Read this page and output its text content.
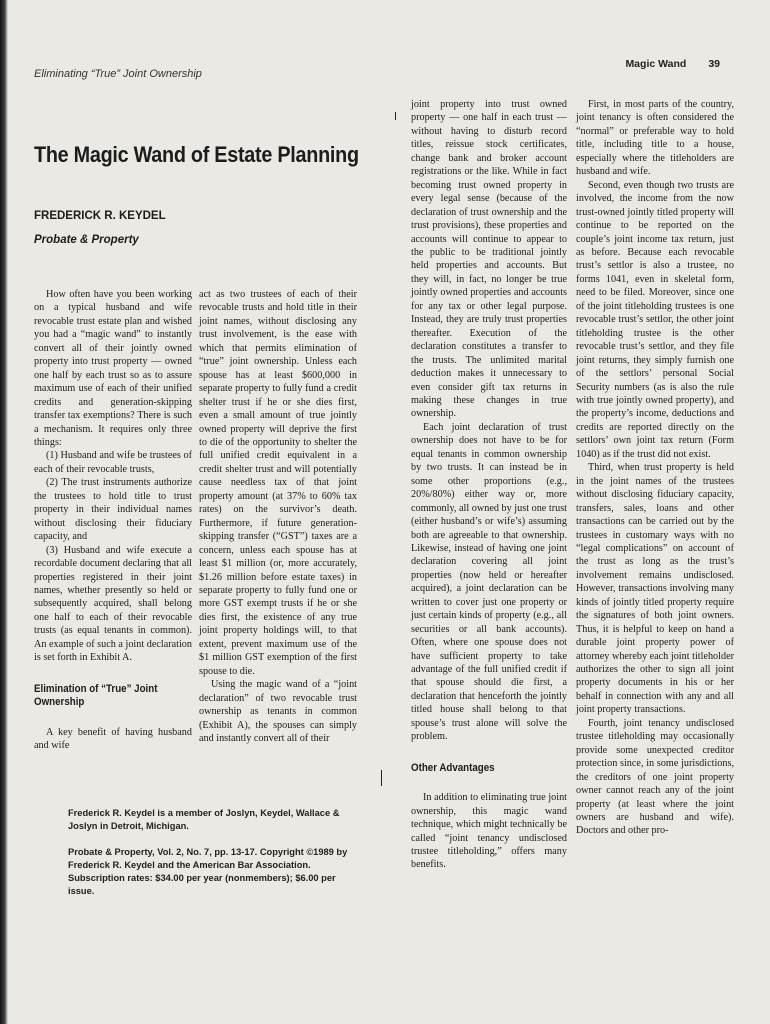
Eliminating “True” Joint Ownership
Magic Wand 39
The Magic Wand of Estate Planning
FREDERICK R. KEYDEL
Probate & Property

How often have you been working on a typical husband and wife revocable trust estate plan and wished you had a “magic wand” to instantly convert all of their jointly owned property into trust property — owned one half by each trust so as to assure maximum use of each of their unified credits and generation-skipping transfer tax exemptions? There is such a mechanism. It requires only three things:

(1) Husband and wife be trustees of each of their revocable trusts,

(2) The trust instruments authorize the trustees to hold title to trust property in their individual names without disclosing their fiduciary capacity, and

(3) Husband and wife execute a recordable document declaring that all properties registered in their joint names, whether presently so held or subsequently acquired, shall belong one half to each of their revocable trusts (as equal tenants in common). An example of such a joint declaration is set forth in Exhibit A.

Elimination of “True” Joint Ownership

A key benefit of having husband and wife

act as two trustees of each of their revocable trusts and hold title in their joint names, without disclosing any trust involvement, is the ease with which that permits elimination of “true” joint ownership. Unless each spouse has at least $600,000 in separate property to fully fund a credit shelter trust if he or she dies first, even a small amount of true jointly owned property will deprive the first to die of the opportunity to shelter the full unified credit equivalent in a credit shelter trust and will potentially cause needless tax of that joint property amount (at 37% to 60% tax rates) on the survivor’s death. Furthermore, if future generation-skipping transfer (“GST”) taxes are a concern, unless each spouse has at least $1 million (or, more accurately, $1.26 million before estate taxes) in separate property to fully fund one or more GST exempt trusts if he or she dies first, the existence of any true joint property holdings will, to that extent, prevent maximum use of the $1 million GST exemption of the first spouse to die.

Using the magic wand of a “joint declaration” of two revocable trust ownership as tenants in common (Exhibit A), the spouses can simply and instantly convert all of their

joint property into trust owned property — one half in each trust — without having to disturb record titles, reissue stock certificates, change bank and broker account registrations or the like. While in fact becoming trust owned property in every legal sense (because of the declaration of trust ownership and the trust provisions), these properties and accounts will continue to appear to the public to be traditional jointly held properties and accounts. But they will, in fact, no longer be true jointly owned properties and accounts for any tax or other legal purpose. Instead, they are truly trust properties thereafter. Execution of the declaration constitutes a transfer to the trusts. The unlimited marital deduction makes it unnecessary to even consider gift tax returns in making these changes in true ownership.

Each joint declaration of trust ownership does not have to be for equal tenants in common ownership by two trusts. It can instead be in some other proportions (e.g., 20%/80%) either way or, more commonly, all owned by just one trust (either husband’s or wife’s) assuming both are agreeable to that ownership. Likewise, instead of having one joint declaration covering all joint properties (now held or hereafter acquired), a joint declaration can be written to cover just one property or just certain kinds of property (e.g., all securities or all bank accounts). Often, where one spouse does not have sufficient property to take advantage of the full unified credit if that spouse should die first, a declaration that henceforth the jointly titled house shall belong to that spouse’s trust alone will solve the problem.

Other Advantages

In addition to eliminating true joint ownership, this magic wand technique, which might technically be called “joint tenancy undisclosed trustee titleholding,” offers many benefits.

First, in most parts of the country, joint tenancy is often considered the “normal” or preferable way to hold title, including title to a house, especially where the titleholders are husband and wife.

Second, even though two trusts are involved, the income from the now trust-owned jointly titled property will continue to be reported on the couple’s joint income tax return, just as before. Because each revocable trust’s settlor is also a trustee, no forms 1041, even in skeletal form, need to be filed. Moreover, since one of the joint titleholding trustees is one revocable trust’s settlor, the other joint titleholding trustee is the other revocable trust’s settlor, and they file joint returns, they simply furnish one of the settlors’ personal Social Security numbers (as is also the rule with true jointly owned property), and the property’s income, deductions and credits are reported directly on the settlors’ own joint tax return (Form 1040) as if the trust did not exist.

Third, when trust property is held in the joint names of the trustees without disclosing fiduciary capacity, transfers, sales, loans and other transactions can be carried out by the trustees in customary ways with no “legal complications” on account of the trust as long as the trust’s involvement remains undisclosed. However, transactions involving many kinds of jointly titled property require the signatures of both joint owners. Thus, it is helpful to keep on hand a durable joint property power of attorney whereby each joint titleholder authorizes the other to sign all joint property documents in his or her behalf in connection with any and all joint property transactions.

Fourth, joint tenancy undisclosed trustee titleholding may occasionally provide some unexpected creditor protection since, in some jurisdictions, the creditors of one joint property owner cannot reach any of the joint property (at least where the joint owners are husband and wife). Doctors and other pro-

Frederick R. Keydel is a member of Joslyn, Keydel, Wallace & Joslyn in Detroit, Michigan.

Probate & Property, Vol. 2, No. 7, pp. 13-17. Copyright ©1989 by Frederick R. Keydel and the American Bar Association. Subscription rates: $34.00 per year (nonmembers); $6.00 per issue.
